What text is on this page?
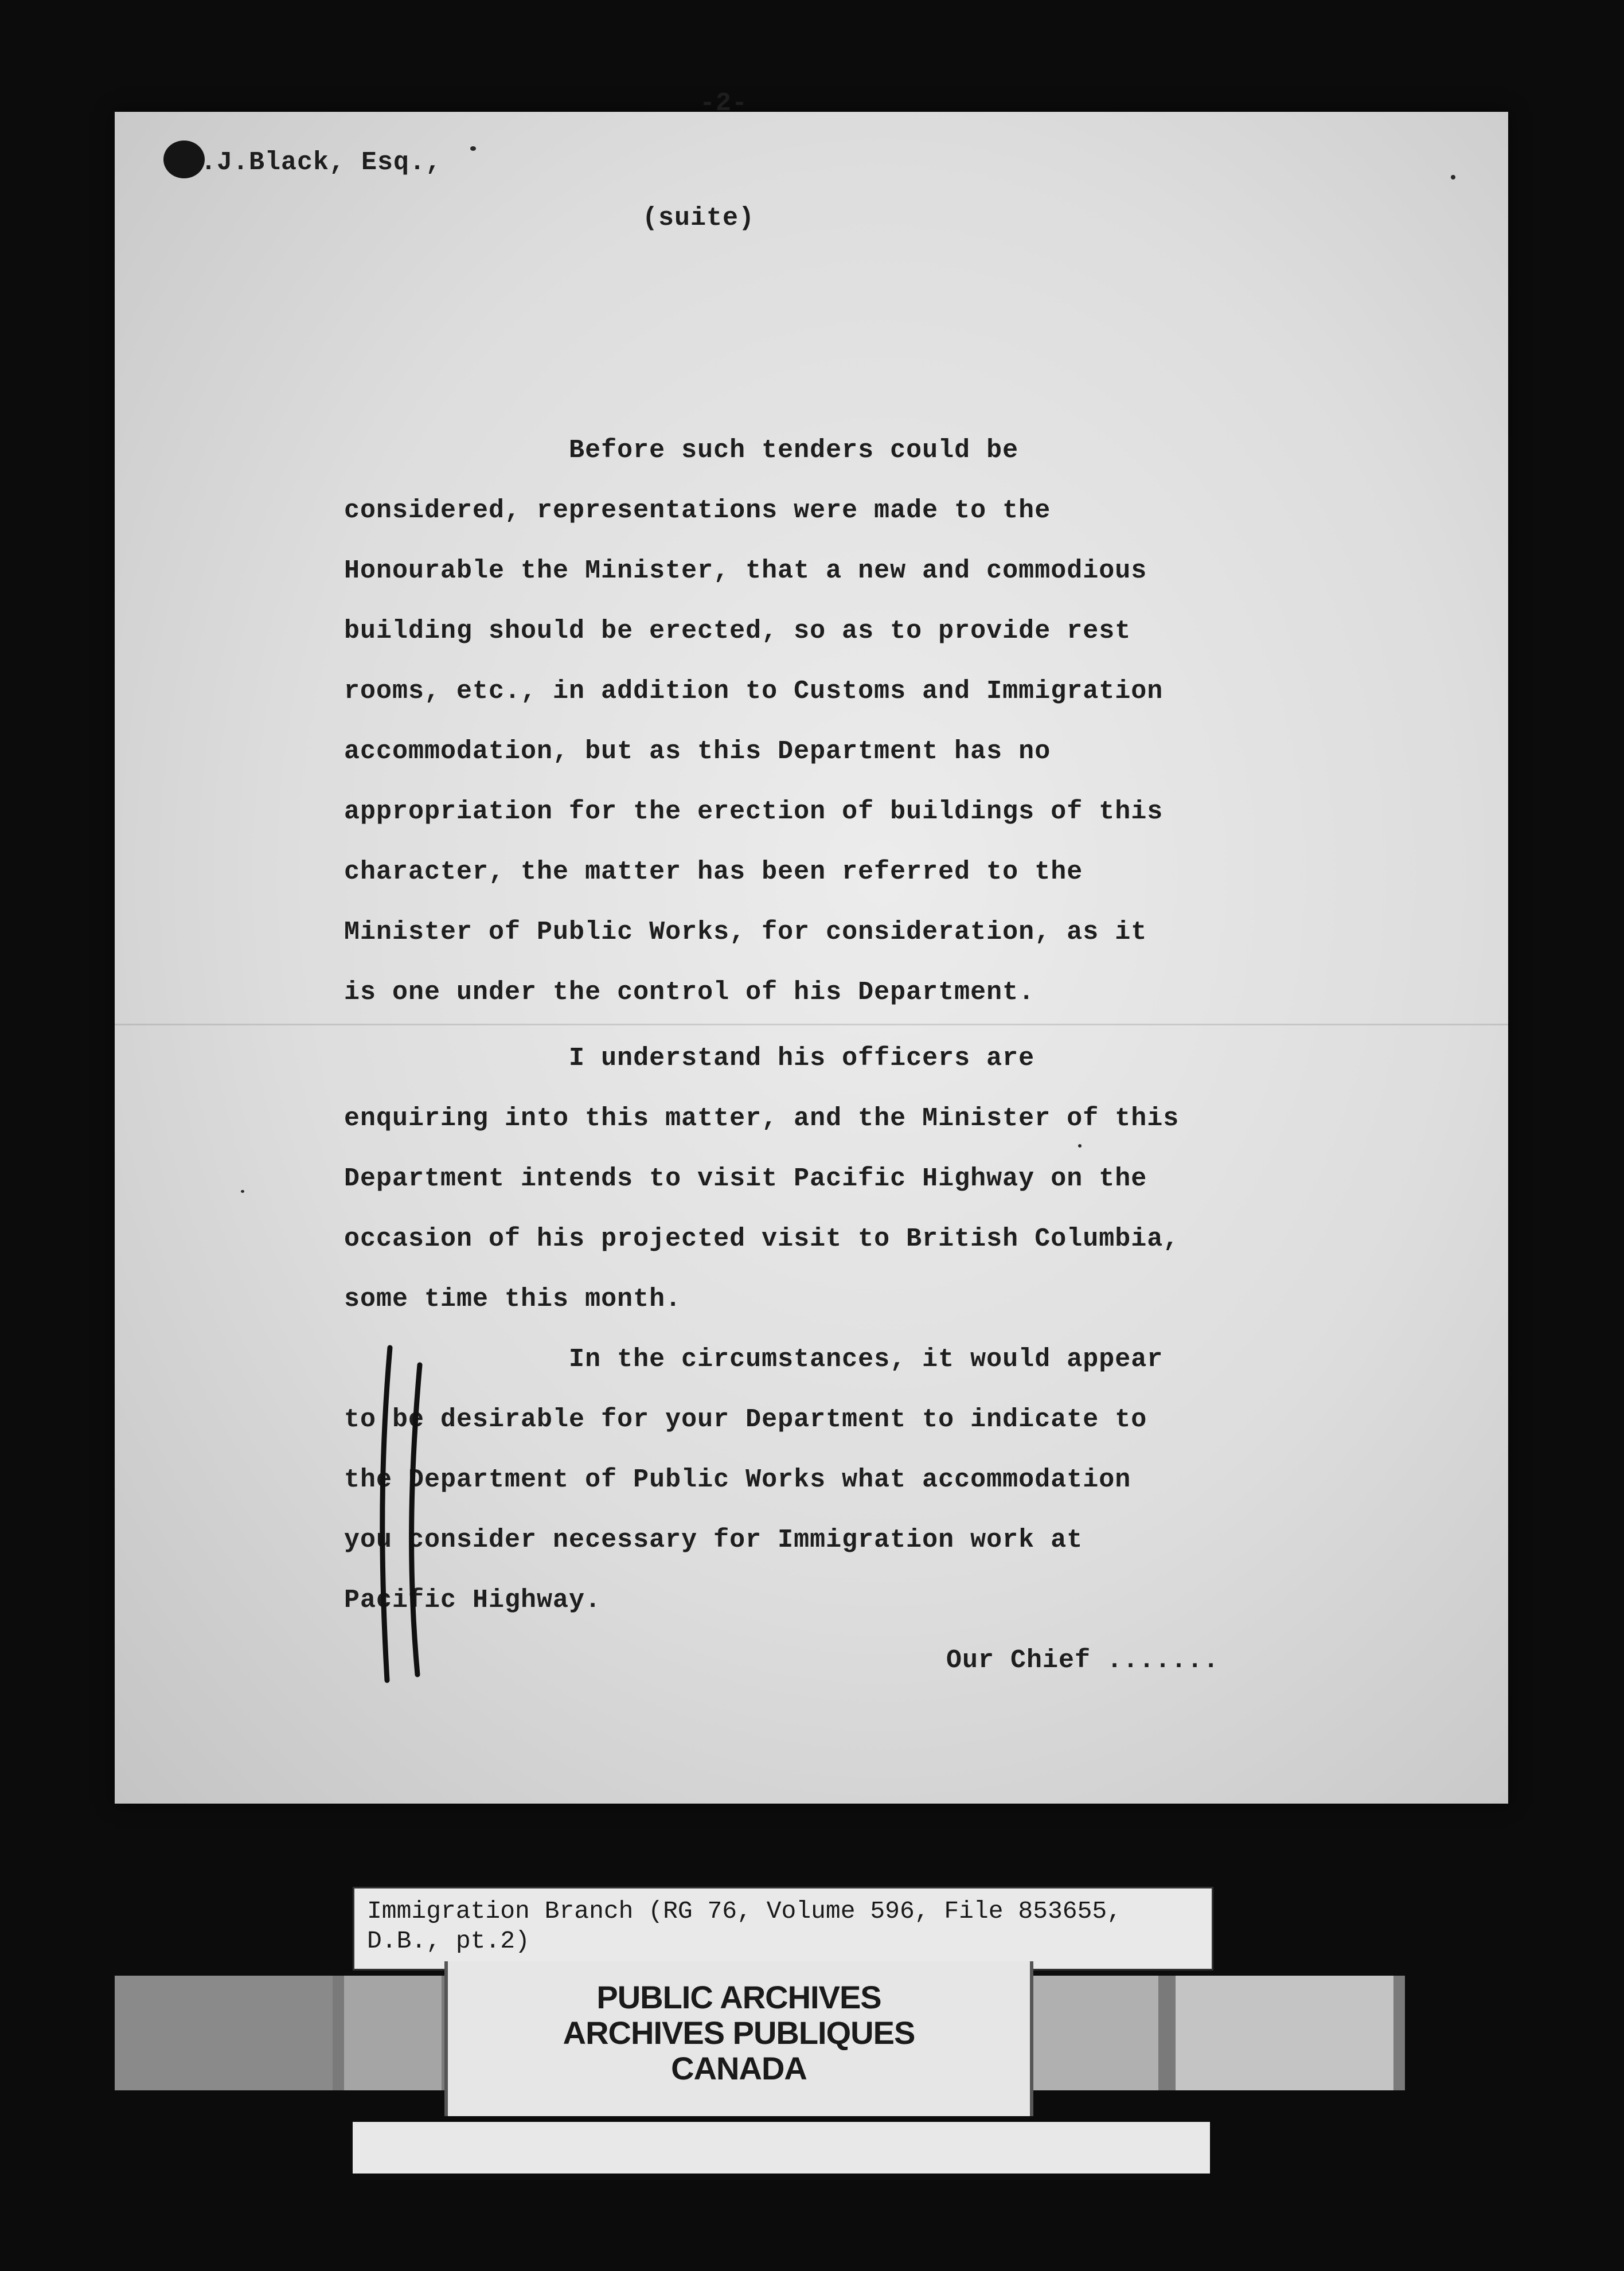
-2-
.J.Black, Esq.,
(suite)
Before such tenders could be
considered, representations were made to the
Honourable the Minister, that a new and commodious
building should be erected, so as to provide rest
rooms, etc., in addition to Customs and Immigration
accommodation, but as this Department has no
appropriation for the erection of buildings of this
character, the matter has been referred to the
Minister of Public Works, for consideration, as it
is one under the control of his Department.
I understand his officers are
enquiring into this matter, and the Minister of this
Department intends to visit Pacific Highway on the
occasion of his projected visit to British Columbia,
some time this month.
In the circumstances, it would appear
to be desirable for your Department to indicate to
the Department of Public Works what accommodation
you consider necessary for Immigration work at
Pacific Highway.
Our Chief .......
Immigration Branch (RG 76, Volume 596, File 853655, D.B., pt.2)
PUBLIC ARCHIVES
ARCHIVES PUBLIQUES
CANADA
